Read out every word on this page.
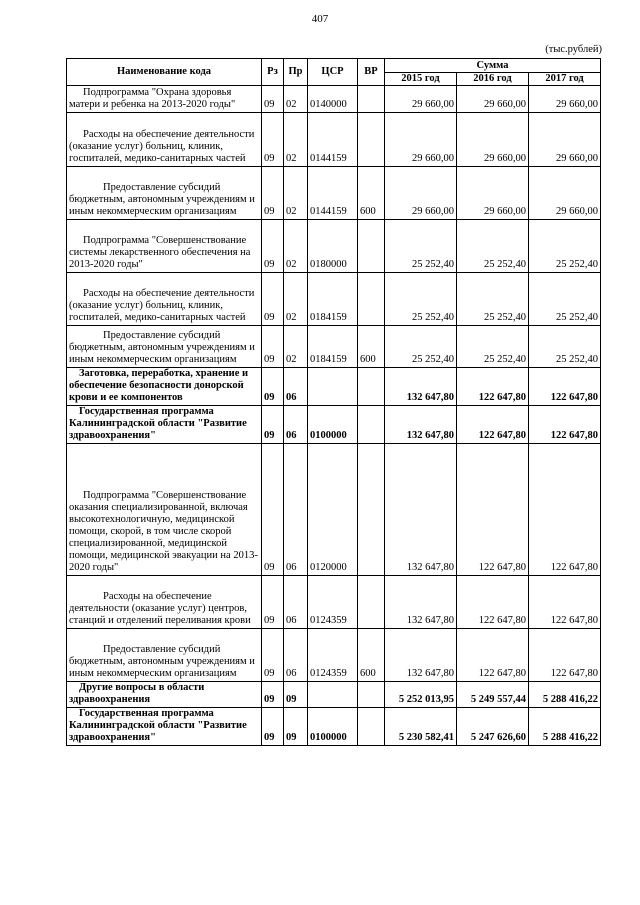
407
(тыс.рублей)
Наименование кода	Рз	Пр	ЦСР	ВР	Сумма		
					2015 год	2016 год	2017 год

Подпрограмма "Охрана здоровья матери и ребенка на 2013-2020 годы"	09	02	0140000		29 660,00	29 660,00	29 660,00

Расходы на обеспечение деятельности (оказание услуг) больниц, клиник, госпиталей, медико-санитарных частей	09	02	0144159		29 660,00	29 660,00	29 660,00

Предоставление субсидий бюджетным, автономным учреждениям и иным некоммерческим организациям	09	02	0144159	600	29 660,00	29 660,00	29 660,00

Подпрограмма "Совершенствование системы лекарственного обеспечения на 2013-2020 годы"	09	02	0180000		25 252,40	25 252,40	25 252,40

Расходы на обеспечение деятельности (оказание услуг) больниц, клиник, госпиталей, медико-санитарных частей	09	02	0184159		25 252,40	25 252,40	25 252,40

Предоставление субсидий бюджетным, автономным учреждениям и иным некоммерческим организациям	09	02	0184159	600	25 252,40	25 252,40	25 252,40

Заготовка, переработка, хранение и обеспечение безопасности донорской крови и ее компонентов	09	06			132 647,80	122 647,80	122 647,80

Государственная программа Калининградской области "Развитие здравоохранения"	09	06	0100000		132 647,80	122 647,80	122 647,80

Подпрограмма "Совершенствование оказания специализированной, включая высокотехнологичную, медицинской помощи, скорой, в том числе скорой специализированной, медицинской помощи, медицинской эвакуации на 2013-2020 годы"	09	06	0120000		132 647,80	122 647,80	122 647,80

Расходы на обеспечение деятельности (оказание услуг) центров, станций и отделений переливания крови	09	06	0124359		132 647,80	122 647,80	122 647,80

Предоставление субсидий бюджетным, автономным учреждениям и иным некоммерческим организациям	09	06	0124359	600	132 647,80	122 647,80	122 647,80

Другие вопросы в области здравоохранения	09	09			5 252 013,95	5 249 557,44	5 288 416,22

Государственная программа Калининградской области "Развитие здравоохранения"	09	09	0100000		5 230 582,41	5 247 626,60	5 288 416,22
